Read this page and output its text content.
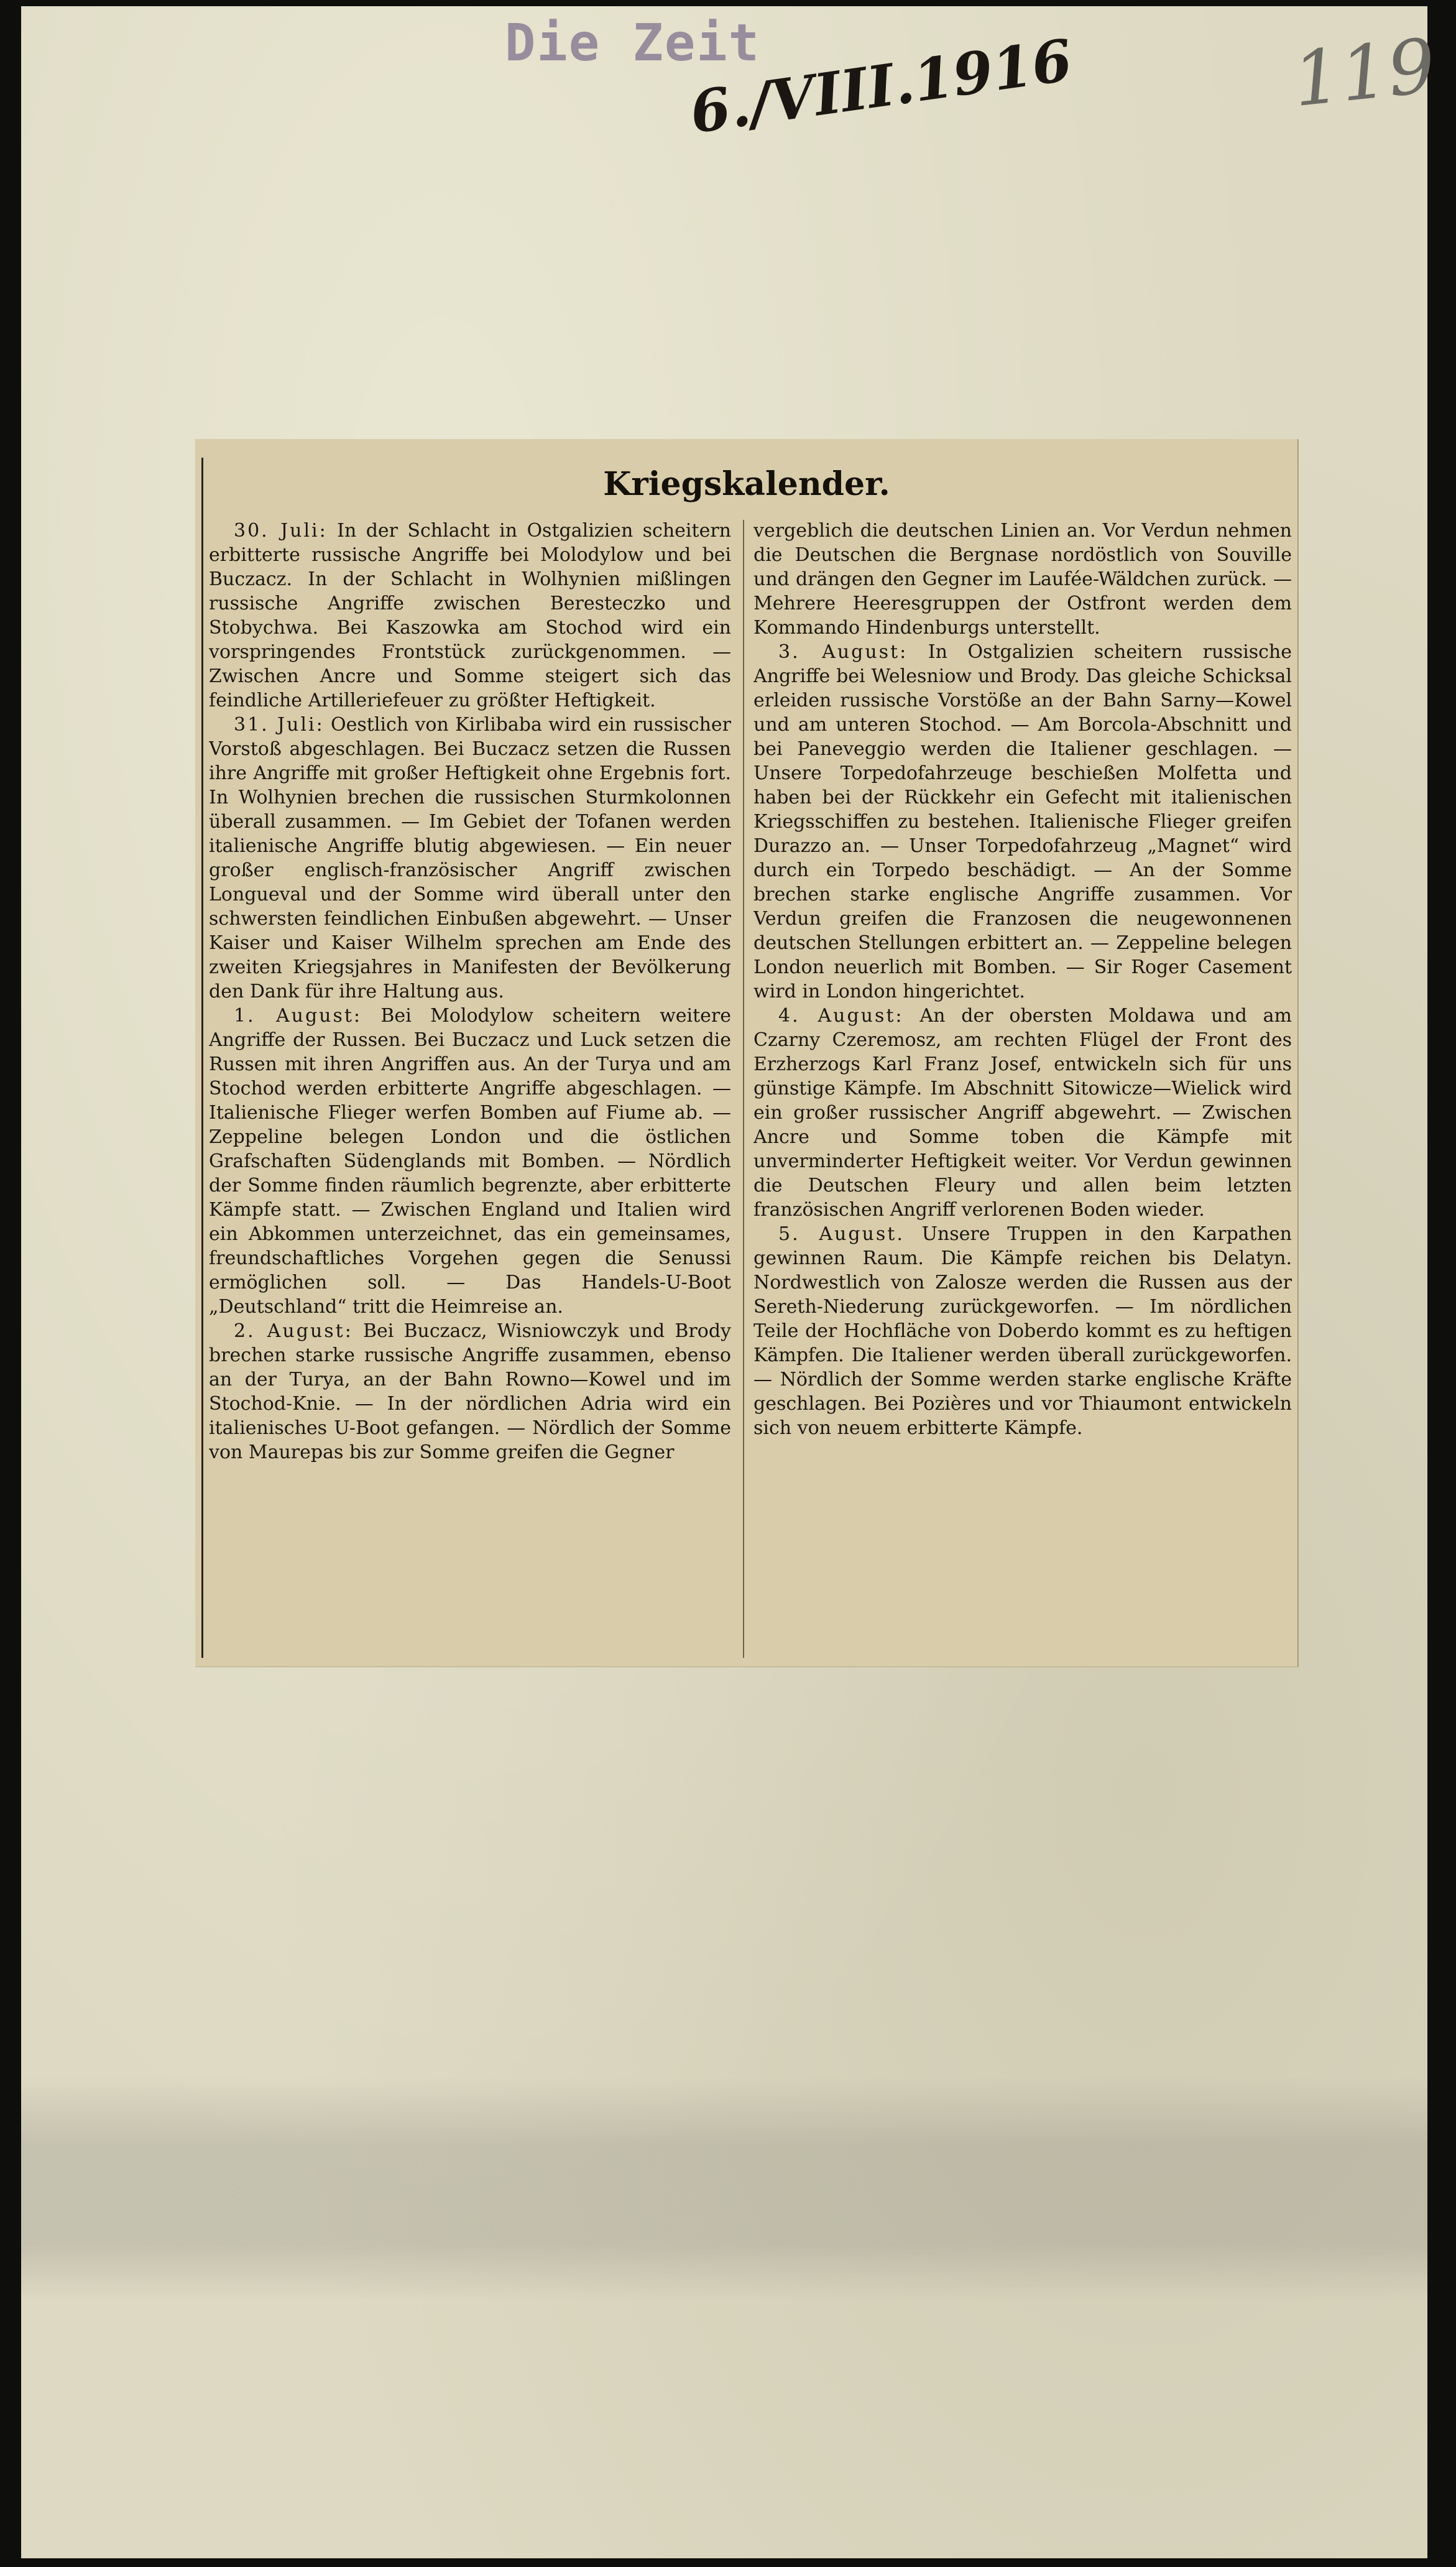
Die Zeit
6./VIII.1916	119
Kriegskalender.

30. Juli: In der Schlacht in Ostgalizien scheitern erbitterte russische Angriffe bei Molodylow und bei Buczacz. In der Schlacht in Wolhynien mißlingen russische Angriffe zwischen Beresteczko und Stobychwa. Bei Kaszowka am Stochod wird ein vorspringendes Frontstück zurückgenommen. — Zwischen Ancre und Somme steigert sich das feindliche Artilleriefeuer zu größter Heftigkeit.

31. Juli: Oestlich von Kirlibaba wird ein russischer Vorstoß abgeschlagen. Bei Buczacz setzen die Russen ihre Angriffe mit großer Heftigkeit ohne Ergebnis fort. In Wolhynien brechen die russischen Sturmkolonnen überall zusammen. — Im Gebiet der Tofanen werden italienische Angriffe blutig abgewiesen. — Ein neuer großer englisch-französischer Angriff zwischen Longueval und der Somme wird überall unter den schwersten feindlichen Einbußen abgewehrt. — Unser Kaiser und Kaiser Wilhelm sprechen am Ende des zweiten Kriegsjahres in Manifesten der Bevölkerung den Dank für ihre Haltung aus.

1. August: Bei Molodylow scheitern weitere Angriffe der Russen. Bei Buczacz und Luck setzen die Russen mit ihren Angriffen aus. An der Turya und am Stochod werden erbitterte Angriffe abgeschlagen. — Italienische Flieger werfen Bomben auf Fiume ab. — Zeppeline belegen London und die östlichen Grafschaften Südenglands mit Bomben. — Nördlich der Somme finden räumlich begrenzte, aber erbitterte Kämpfe statt. — Zwischen England und Italien wird ein Abkommen unterzeichnet, das ein gemeinsames, freundschaftliches Vorgehen gegen die Senussi ermöglichen soll. — Das Handels-U-Boot „Deutschland“ tritt die Heimreise an.

2. August: Bei Buczacz, Wisniowczyk und Brody brechen starke russische Angriffe zusammen, ebenso an der Turya, an der Bahn Rowno—Kowel und im Stochod-Knie. — In der nördlichen Adria wird ein italienisches U-Boot gefangen. — Nördlich der Somme von Maurepas bis zur Somme greifen die Gegner

vergeblich die deutschen Linien an. Vor Verdun nehmen die Deutschen die Bergnase nordöstlich von Souville und drängen den Gegner im Laufée-Wäldchen zurück. — Mehrere Heeresgruppen der Ostfront werden dem Kommando Hindenburgs unterstellt.

3. August: In Ostgalizien scheitern russische Angriffe bei Welesniow und Brody. Das gleiche Schicksal erleiden russische Vorstöße an der Bahn Sarny—Kowel und am unteren Stochod. — Am Borcola-Abschnitt und bei Paneveggio werden die Italiener geschlagen. — Unsere Torpedofahrzeuge beschießen Molfetta und haben bei der Rückkehr ein Gefecht mit italienischen Kriegsschiffen zu bestehen. Italienische Flieger greifen Durazzo an. — Unser Torpedofahrzeug „Magnet“ wird durch ein Torpedo beschädigt. — An der Somme brechen starke englische Angriffe zusammen. Vor Verdun greifen die Franzosen die neugewonnenen deutschen Stellungen erbittert an. — Zeppeline belegen London neuerlich mit Bomben. — Sir Roger Casement wird in London hingerichtet.

4. August: An der obersten Moldawa und am Czarny Czeremosz, am rechten Flügel der Front des Erzherzogs Karl Franz Josef, entwickeln sich für uns günstige Kämpfe. Im Abschnitt Sitowicze—Wielick wird ein großer russischer Angriff abgewehrt. — Zwischen Ancre und Somme toben die Kämpfe mit unverminderter Heftigkeit weiter. Vor Verdun gewinnen die Deutschen Fleury und allen beim letzten französischen Angriff verlorenen Boden wieder.

5. August. Unsere Truppen in den Karpathen gewinnen Raum. Die Kämpfe reichen bis Delatyn. Nordwestlich von Zalosze werden die Russen aus der Sereth-Niederung zurückgeworfen. — Im nördlichen Teile der Hochfläche von Doberdo kommt es zu heftigen Kämpfen. Die Italiener werden überall zurückgeworfen. — Nördlich der Somme werden starke englische Kräfte geschlagen. Bei Pozières und vor Thiaumont entwickeln sich von neuem erbitterte Kämpfe.
